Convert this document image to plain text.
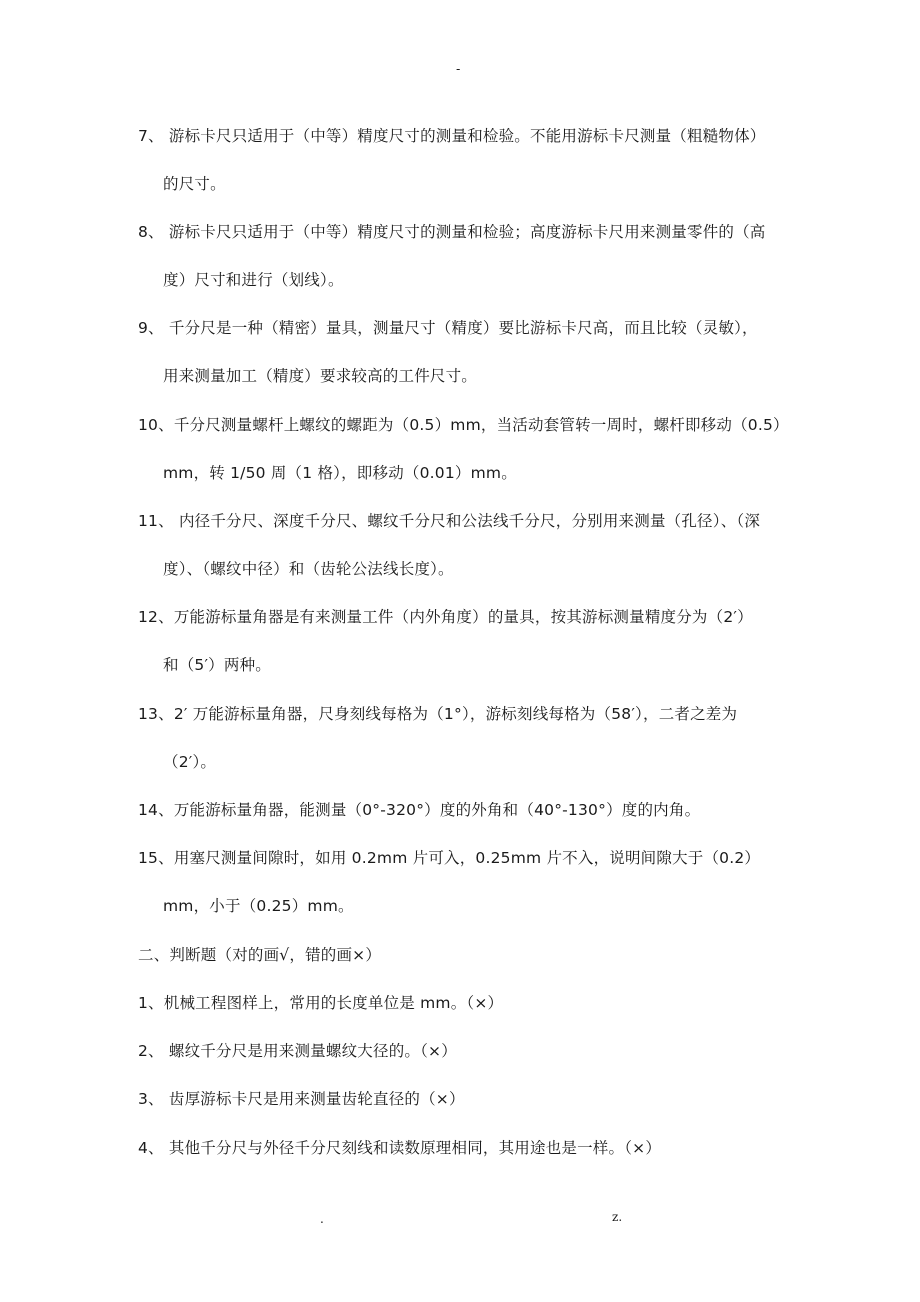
-
7、 游标卡尺只适用于（中等）精度尺寸的测量和检验。不能用游标卡尺测量（粗糙物体）
的尺寸。
8、 游标卡尺只适用于（中等）精度尺寸的测量和检验；高度游标卡尺用来测量零件的（高
度）尺寸和进行（划线）。
9、 千分尺是一种（精密）量具，测量尺寸（精度）要比游标卡尺高，而且比较（灵敏），
用来测量加工（精度）要求较高的工件尺寸。
10、千分尺测量螺杆上螺纹的螺距为（0.5）mm，当活动套管转一周时，螺杆即移动（0.5）
mm，转 1/50 周（1 格），即移动（0.01）mm。
11、 内径千分尺、深度千分尺、螺纹千分尺和公法线千分尺，分别用来测量（孔径）、（深
度）、（螺纹中径）和（齿轮公法线长度）。
12、万能游标量角器是有来测量工件（内外角度）的量具，按其游标测量精度分为（2′）
和（5′）两种。
13、2′ 万能游标量角器，尺身刻线每格为（1°），游标刻线每格为（58′），二者之差为
（2′）。
14、万能游标量角器，能测量（0°-320°）度的外角和（40°-130°）度的内角。
15、用塞尺测量间隙时，如用 0.2mm 片可入，0.25mm 片不入，说明间隙大于（0.2）
mm，小于（0.25）mm。
二、判断题（对的画√，错的画×）
1、机械工程图样上，常用的长度单位是 mm。（×）
2、 螺纹千分尺是用来测量螺纹大径的。（×）
3、 齿厚游标卡尺是用来测量齿轮直径的（×）
4、 其他千分尺与外径千分尺刻线和读数原理相同，其用途也是一样。（×）
.	z.
